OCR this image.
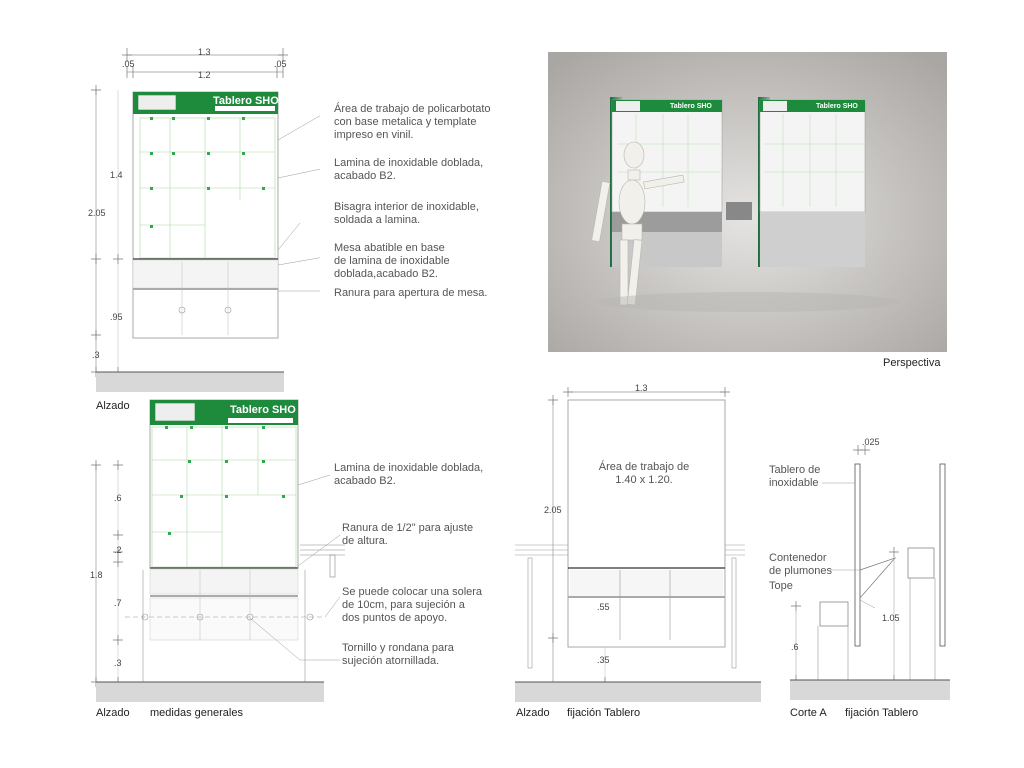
1.3
.05	.05
1.2
1.4
2.05
.95
.3
Tablero SHO
Área de trabajo de policarbotato
con base metalica y template
impreso en vinil.
Lamina de inoxidable doblada,
acabado B2.
Bisagra interior de inoxidable,
soldada a lamina.
Mesa abatible en base
de lamina de inoxidable
doblada,acabado B2.
Ranura para apertura de mesa.
Alzado
Tablero SHO	Tablero SHO
Perspectiva
Tablero SHO
.6
.2
1.8
.7
.3
Lamina de inoxidable doblada,
acabado B2.
Ranura de 1/2" para ajuste
de altura.
Se puede colocar una solera
de 10cm, para sujeción a
dos puntos de apoyo.
Tornillo y rondana para
sujeción atornillada.
Alzado medidas generales
1.3
2.05
.55
.35
Área de trabajo de
1.40 x 1.20.
Alzado fijación Tablero
.025
1.05
.6
Tablero de
inoxidable
Contenedor
de plumones
Tope
Corte A fijación Tablero
